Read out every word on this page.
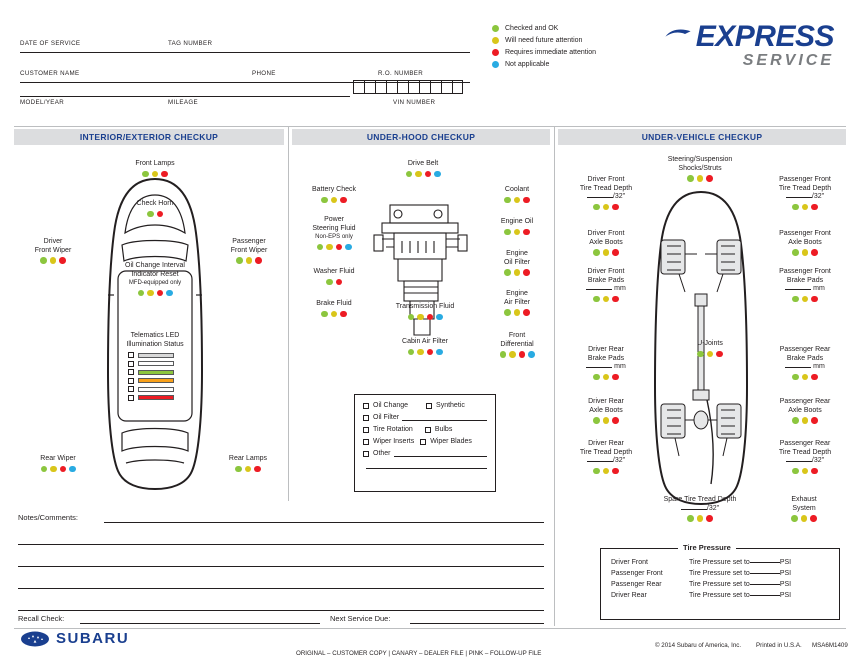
DATE OF SERVICE	TAG NUMBER
CUSTOMER NAME	PHONE	R.O. NUMBER
MODEL/YEAR	MILEAGE	VIN NUMBER
Checked and OK
Will need future attention
Requires immediate attention
Not applicable
EXPRESS
SERVICE
INTERIOR/EXTERIOR CHECKUP	UNDER-HOOD CHECKUP	UNDER-VEHICLE CHECKUP
Front Lamps
Check Horn
Driver
Front Wiper
Passenger
Front Wiper
Oil Change Interval
Indicator Reset
MFD-equipped only
Telematics LED
Illumination Status
Rear Wiper	Rear Lamps
Drive Belt
Battery Check
Power
Steering Fluid
Non-EPS only
Washer Fluid
Brake Fluid	Transmission Fluid
Cabin Air Filter
Coolant
Engine Oil
Engine
Oil Filter
Engine
Air Filter
Front
Differential
Oil Change	Synthetic
Oil Filter
Tire Rotation	Bulbs
Wiper Inserts Wiper Blades
Other
Steering/Suspension
Shocks/Struts
Driver Front
Tire Tread Depth
/32"
Driver Front
Axle Boots
Driver Front
Brake Pads
mm
Driver Rear
Brake Pads
mm
Driver Rear
Axle Boots
Driver Rear
Tire Tread Depth
/32"
Passenger Front
Tire Tread Depth
/32"
Passenger Front
Axle Boots
Passenger Front
Brake Pads
mm
Passenger Rear
Brake Pads
mm
Passenger Rear
Axle Boots
Passenger Rear
Tire Tread Depth
/32"
U-Joints
Spare Tire Tread Depth
/32"
Exhaust
System
Driver Front	Tire Pressure set to	PSI
Passenger Front	Tire Pressure set to	PSI
Passenger Rear	Tire Pressure set to	PSI
Driver Rear	Tire Pressure set to	PSI
Tire Pressure
Notes/Comments:
Recall Check:	Next Service Due:
SUBARU
ORIGINAL – CUSTOMER COPY | CANARY – DEALER FILE | PINK – FOLLOW-UP FILE
© 2014 Subaru of America, Inc. Printed in U.S.A. MSA6M1409
